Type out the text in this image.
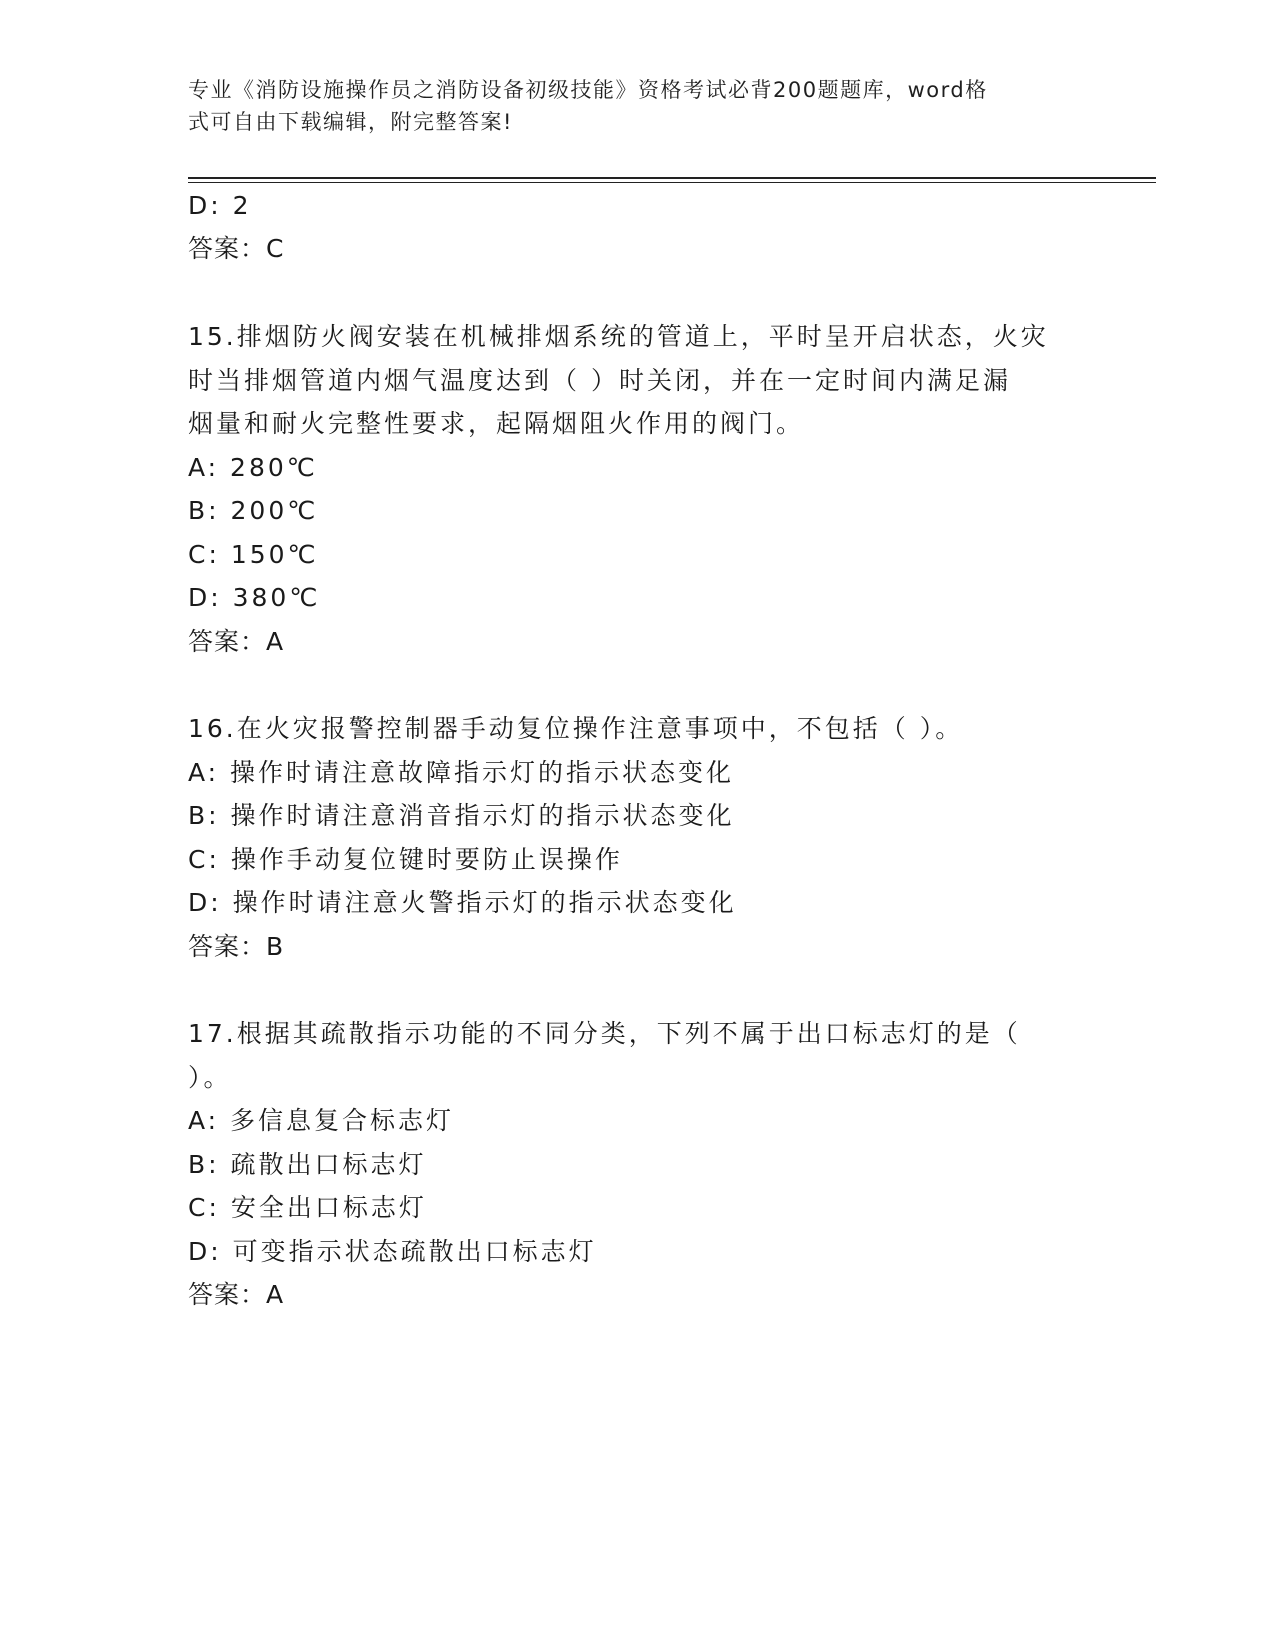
专业《消防设施操作员之消防设备初级技能》资格考试必背200题题库，word格
式可自由下载编辑，附完整答案!
D: 2
答案：C
15.排烟防火阀安装在机械排烟系统的管道上，平时呈开启状态，火灾
时当排烟管道内烟气温度达到（ ）时关闭，并在一定时间内满足漏
烟量和耐火完整性要求，起隔烟阻火作用的阀门。
A: 280℃
B: 200℃
C: 150℃
D: 380℃
答案：A
16.在火灾报警控制器手动复位操作注意事项中，不包括（ ）。
A: 操作时请注意故障指示灯的指示状态变化
B: 操作时请注意消音指示灯的指示状态变化
C: 操作手动复位键时要防止误操作
D: 操作时请注意火警指示灯的指示状态变化
答案：B
17.根据其疏散指示功能的不同分类，下列不属于出口标志灯的是（
）。
A: 多信息复合标志灯
B: 疏散出口标志灯
C: 安全出口标志灯
D: 可变指示状态疏散出口标志灯
答案：A
